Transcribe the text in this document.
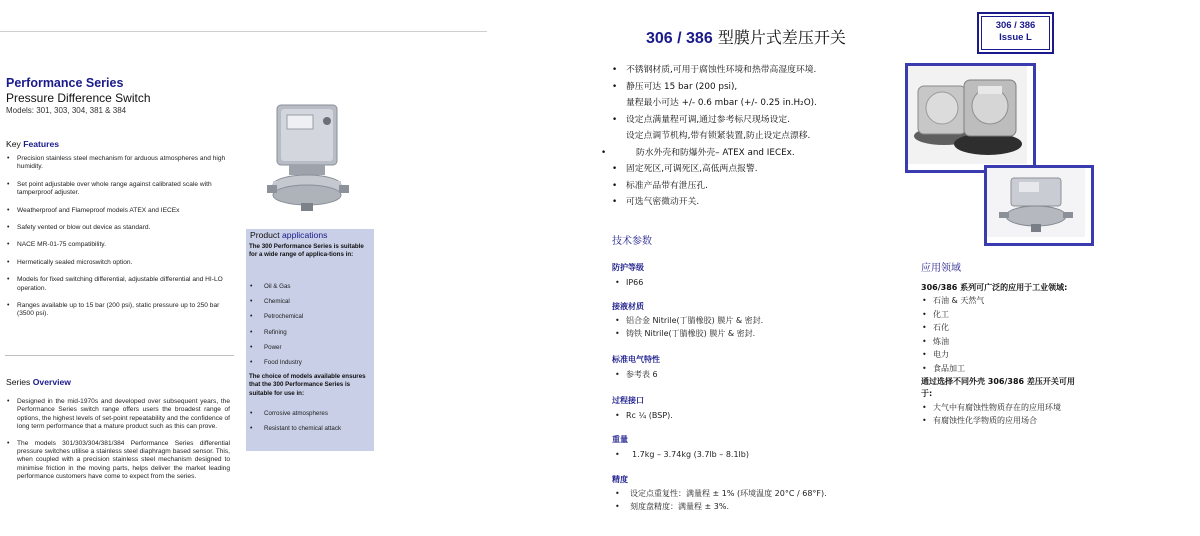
Performance Series
Pressure Difference Switch
Models: 301, 303, 304, 381 & 384
Key Features
• Precision stainless steel mechanism for arduous atmospheres and high humidity.
• Set point adjustable over whole range against calibrated scale with tamperproof adjuster.
• Weatherproof and Flameproof models ATEX and IECEx
• Safety vented or blow out device as standard.
• NACE MR-01-75 compatibility.
• Hermetically sealed microswitch option.
• Models for fixed switching differential, adjustable differential and HI-LO operation.
• Ranges available up to 15 bar (200 psi), static pressure up to 250 bar (3500 psi).
Series Overview
• Designed in the mid-1970s and developed over subsequent years, the Performance Series switch range offers users the broadest range of options, the highest levels of set-point repeatability and the confidence of long term performance that a mature product such as this can prove.
• The models 301/303/304/381/384 Performance Series differential pressure switches utilise a stainless steel diaphragm based sensor. This, when coupled with a precision stainless steel mechanism designed to minimise friction in the moving parts, helps deliver the market leading performance customers have come to expect from the series.
Product applications
The 300 Performance Series is suitable for a wide range of applica-tions in:
• Oil & Gas
• Chemical
• Petrochemical
• Refining
• Power
• Food Industry
The choice of models available ensures that the 300 Performance Series is suitable for use in:
• Corrosive atmospheres
• Resistant to chemical attack
306 / 386 型膜片式差压开关
306 / 386
Issue L
• 不锈钢材质,可用于腐蚀性环境和热带高湿度环境.
• 静压可达 15 bar (200 psi),
量程最小可达 +/- 0.6 mbar (+/- 0.25 in.H₂O).
• 设定点满量程可调,通过参考标尺现场设定.
设定点调节机构,带有锁紧装置,防止设定点漂移.
•	防水外壳和防爆外壳– ATEX and IECEx.
• 固定死区,可调死区,高低两点报警.
• 标准产品带有泄压孔.
• 可选气密微动开关.
技术参数
防护等级
• IP66
接液材质
• 铝合金 Nitrile(丁腈橡胶) 膜片 & 密封.
• 铸铁 Nitrile(丁腈橡胶) 膜片 & 密封.
标准电气特性
• 参考表 6
过程接口
• Rc ¼ (BSP).
重量
• 1.7kg – 3.74kg (3.7lb – 8.1lb)
精度
• 设定点重复性：满量程 ± 1% (环境温度 20°C / 68°F).
• 刻度盘精度：满量程 ± 3%.
应用领域
306/386 系列可广泛的应用于工业领域:
• 石油 & 天然气
• 化工
• 石化
• 炼油
• 电力
• 食品加工
通过选择不同外壳 306/386 差压开关可用于:
• 大气中有腐蚀性物质存在的应用环境
• 有腐蚀性化学物质的应用场合
